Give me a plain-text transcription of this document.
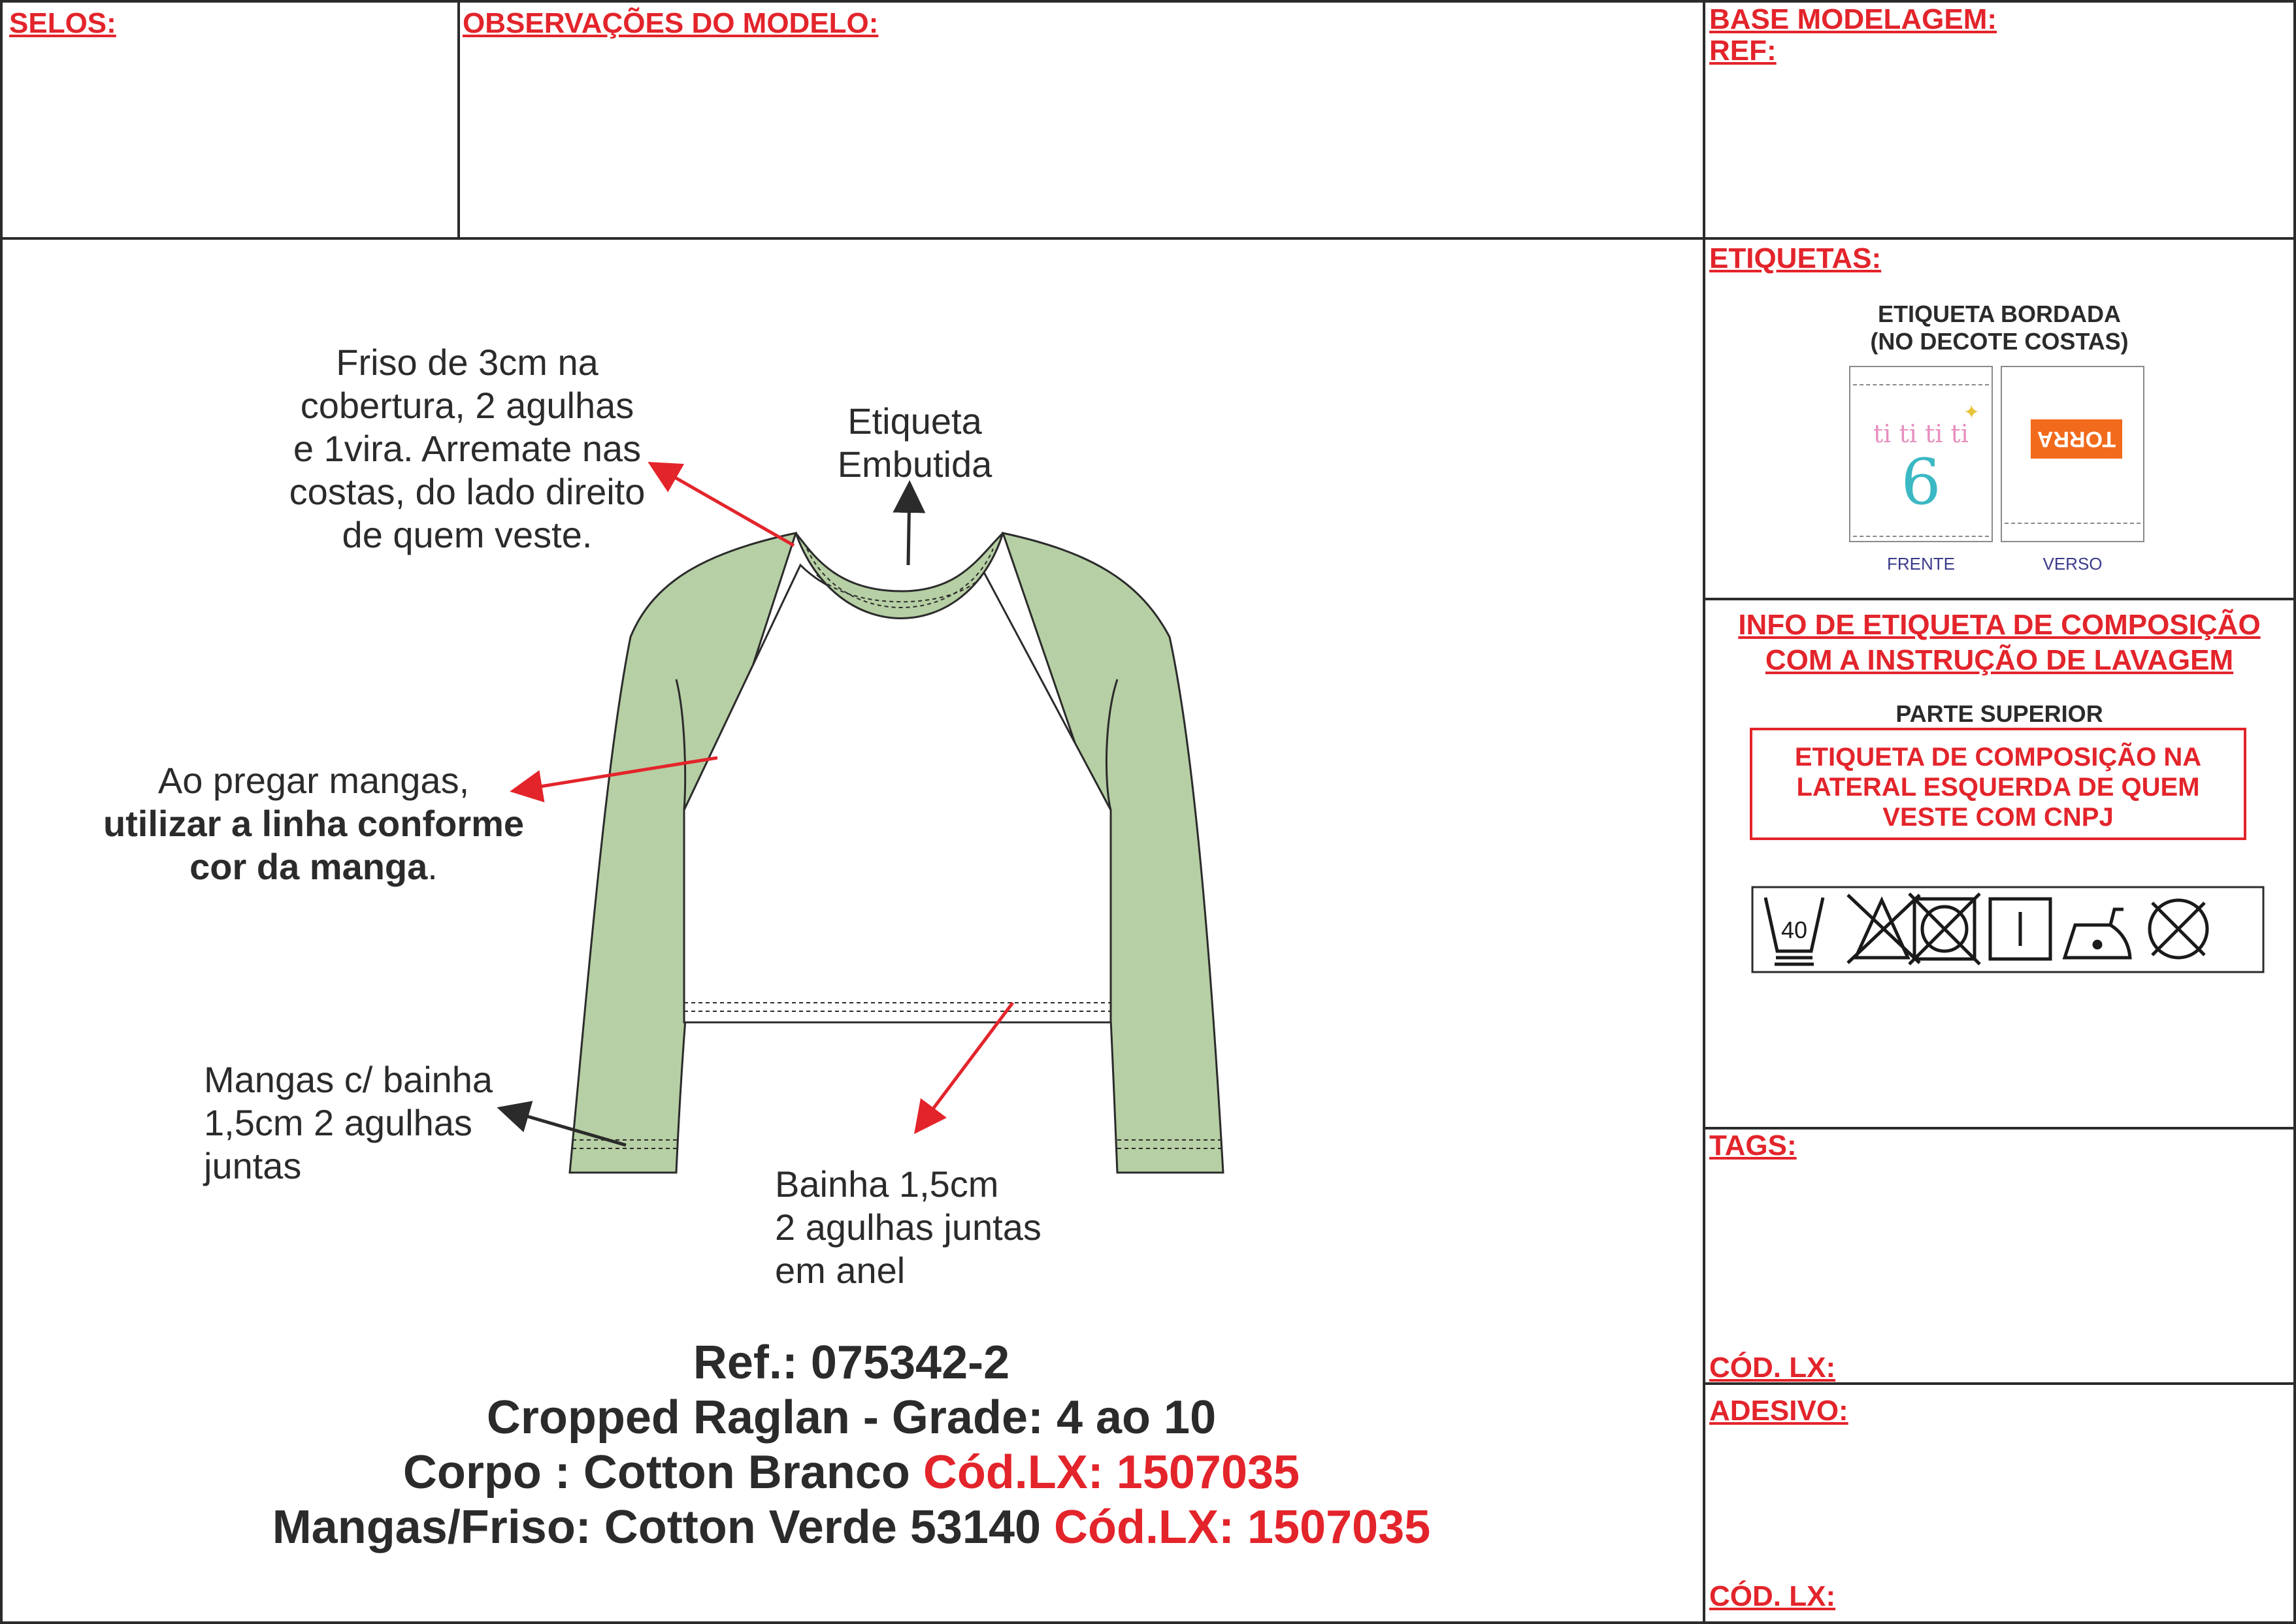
SELOS:	OBSERVAÇÕES DO MODELO:	BASE MODELAGEM:
REF:
Friso de 3cm na
cobertura, 2 agulhas
e 1vira. Arremate nas
costas, do lado direito
de quem veste.
Etiqueta
Embutida
Ao pregar mangas,
utilizar a linha conforme
cor da manga.
Mangas c/ bainha
1,5cm 2 agulhas
juntas	Bainha 1,5cm
2 agulhas juntas
em anel
Ref.: 075342-2
Cropped Raglan - Grade: 4 ao 10
Corpo : Cotton Branco Cód.LX: 1507035
Mangas/Friso: Cotton Verde 53140 Cód.LX: 1507035
ETIQUETAS:
ETIQUETA BORDADA
(NO DECOTE COSTAS)
ti ti ti ti
6
✦
TORRA
FRENTE	VERSO
INFO DE ETIQUETA DE COMPOSIÇÃO
COM A INSTRUÇÃO DE LAVAGEM
PARTE SUPERIOR
ETIQUETA DE COMPOSIÇÃO NA
LATERAL ESQUERDA DE QUEM
VESTE COM CNPJ
40
TAGS:
CÓD. LX:
ADESIVO:
CÓD. LX:
